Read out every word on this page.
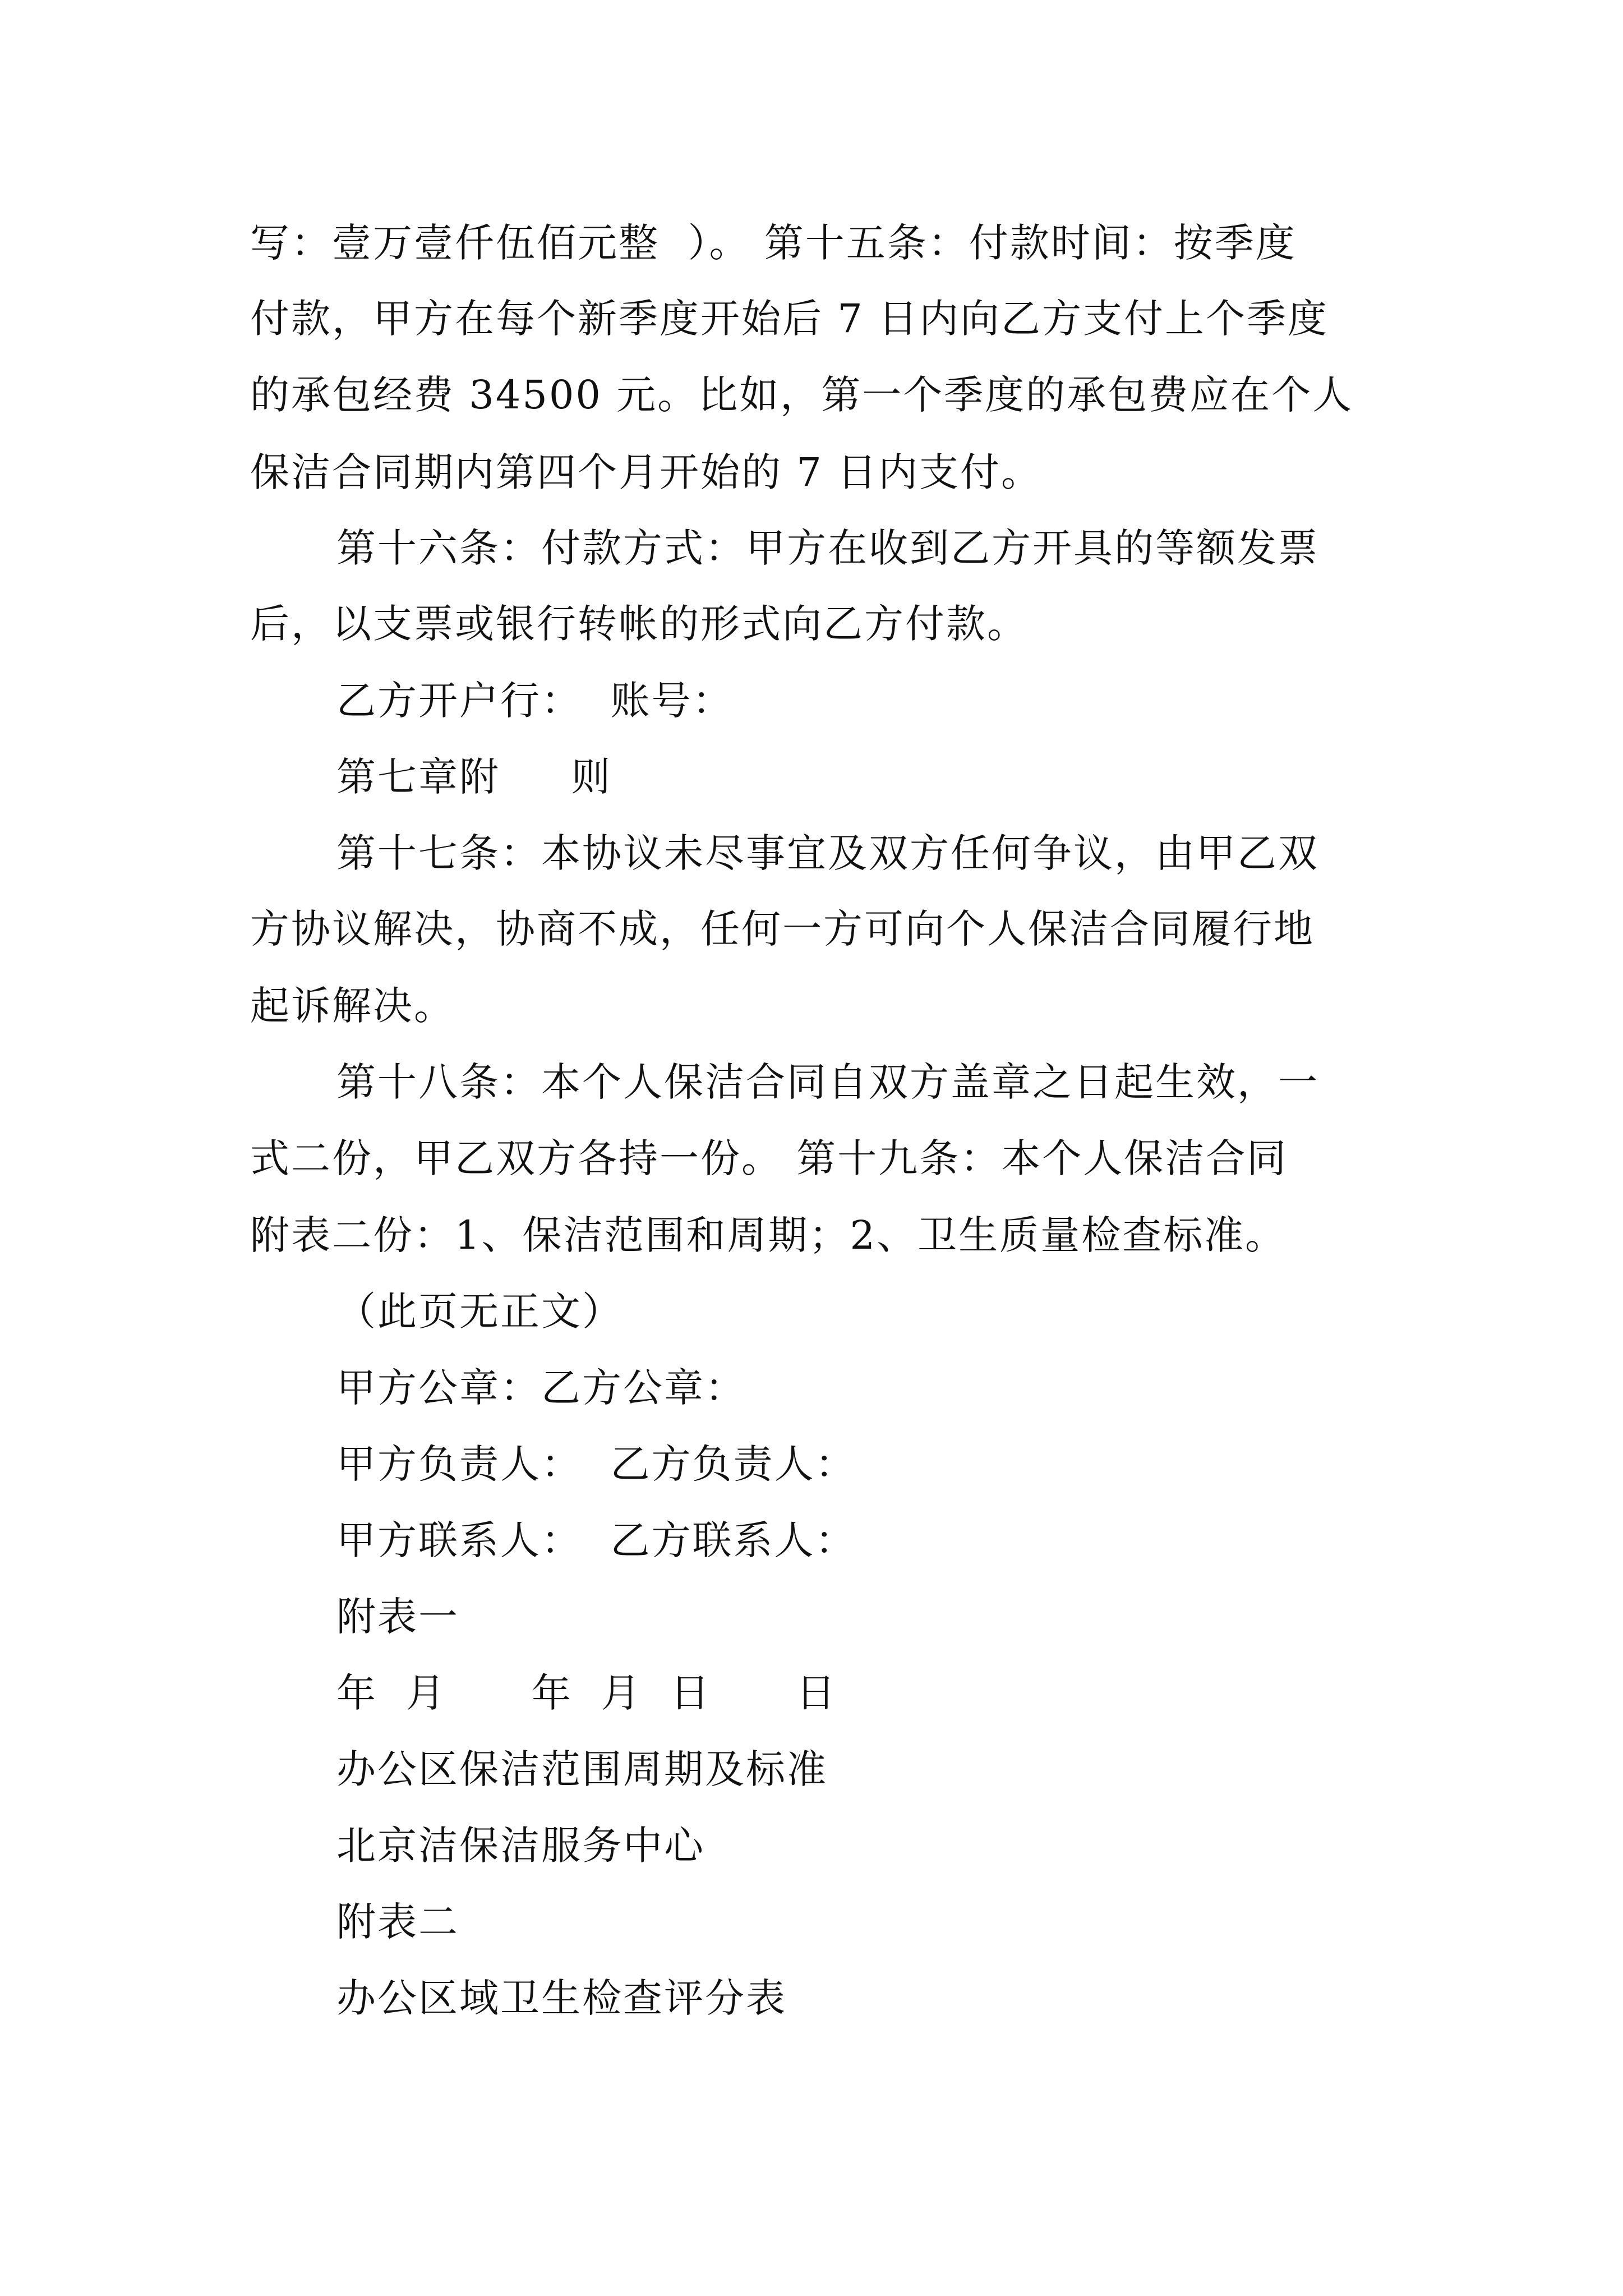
写：壹万壹仟伍佰元整  ）。 第十五条：付款时间：按季度
付款，甲方在每个新季度开始后 7 日内向乙方支付上个季度
的承包经费 34500 元。比如，第一个季度的承包费应在个人
保洁合同期内第四个月开始的 7 日内支付。
第十六条：付款方式：甲方在收到乙方开具的等额发票
后，以支票或银行转帐的形式向乙方付款。
乙方开户行：  账号：
第七章附     则
第十七条：本协议未尽事宜及双方任何争议，由甲乙双
方协议解决，协商不成，任何一方可向个人保洁合同履行地
起诉解决。
第十八条：本个人保洁合同自双方盖章之日起生效，一
式二份，甲乙双方各持一份。 第十九条：本个人保洁合同
附表二份：1、保洁范围和周期；2、卫生质量检查标准。
（此页无正文）
甲方公章：乙方公章：
甲方负责人：  乙方负责人：
甲方联系人：  乙方联系人：
附表一
年  月      年  月  日      日
办公区保洁范围周期及标准
北京洁保洁服务中心
附表二
办公区域卫生检查评分表
